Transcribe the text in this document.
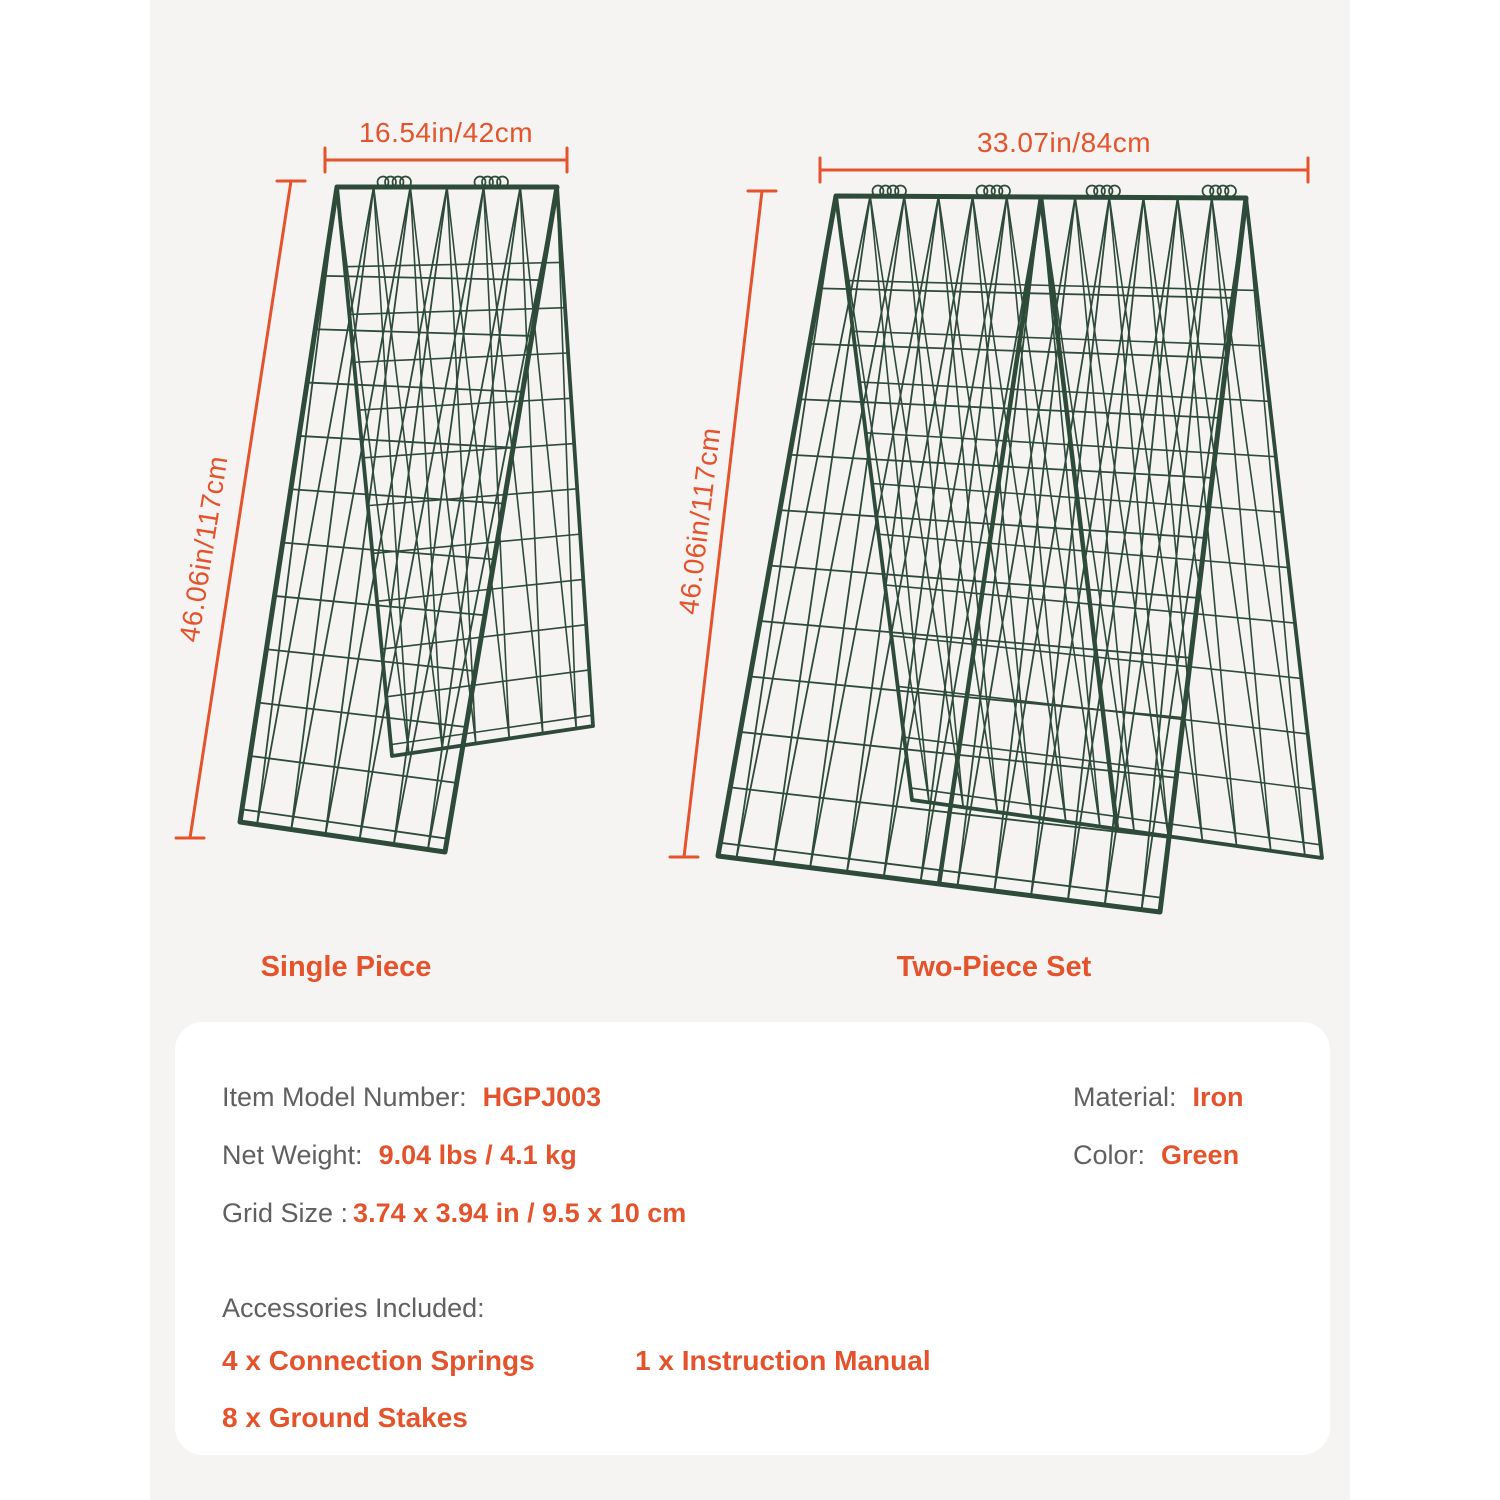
16.54in/42cm
46.06in/117cm
33.07in/84cm
46.06in/117cm
Single Piece	Two-Piece Set
Item Model Number: HGPJ003
Net Weight: 9.04 lbs / 4.1 kg
Grid Size : 3.74 x 3.94 in / 9.5 x 10 cm
Material: Iron
Color: Green
Accessories Included:
4 x Connection Springs	1 x Instruction Manual
8 x Ground Stakes
